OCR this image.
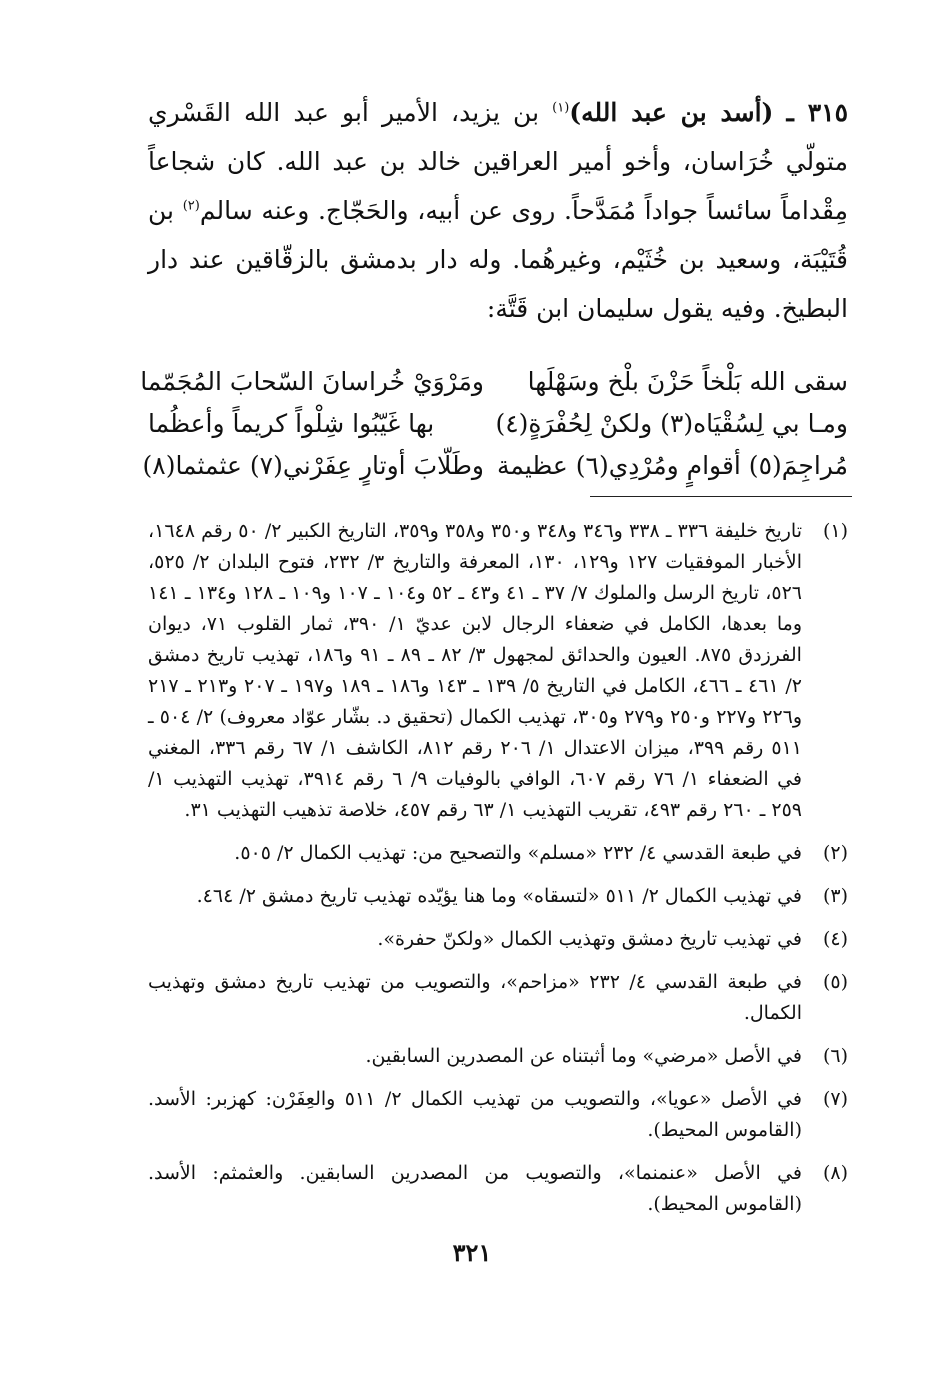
٣١٥ ـ (أسد بن عبد الله)$^{(١)}$ بن يزيد، الأمير أبو عبد الله القَسْري متولّي خُرَاسان، وأخو أمير العراقين خالد بن عبد الله. كان شجاعاً مِقْداماً سائساً جواداً مُمَدَّحاً. روى عن أبيه، والحَجّاج. وعنه سالم$^{(٢)}$ بن قُتَيْبَة، وسعيد بن خُثَيْم، وغيرهُما. وله دار بدمشق بالزقّاقين عند دار البطيخ. وفيه يقول سليمان ابن قَتَّة:
سقى الله بَلْخاً حَزْنَ بلْخ وسَهْلَها
ومَرْوَيْ خُراسانَ السّحابَ المُجَمّما
ومـا بي لِسُقْيَاه(٣) ولكنْ لِحُفْرَةٍ(٤)
بها غَيّبُوا شِلْواً كريماً وأعظُما
مُراجِمَ(٥) أقوامٍ ومُرْدِي(٦) عظيمة
وطَلّابَ أوتارٍ عِفَرْني(٧) عثمثما(٨)
(١)
تاريخ خليفة ٣٣٦ ـ ٣٣٨ و٣٤٦ و٣٤٨ و٣٥٠ و٣٥٨ و٣٥٩، التاريخ الكبير ٢/ ٥٠ رقم ١٦٤٨، الأخبار الموفقيات ١٢٧ و١٢٩، ١٣٠، المعرفة والتاريخ ٣/ ٢٣٢، فتوح البلدان ٢/ ٥٢٥، ٥٢٦، تاريخ الرسل والملوك ٧/ ٣٧ ـ ٤١ و٤٣ ـ ٥٢ و١٠٤ ـ ١٠٧ و١٠٩ ـ ١٢٨ و١٣٤ ـ ١٤١ وما بعدها، الكامل في ضعفاء الرجال لابن عديّ ١/ ٣٩٠، ثمار القلوب ٧١، ديوان الفرزدق ٨٧٥. العيون والحدائق لمجهول ٣/ ٨٢ ـ ٨٩ ـ ٩١ و١٨٦، تهذيب تاريخ دمشق ٢/ ٤٦١ ـ ٤٦٦، الكامل في التاريخ ٥/ ١٣٩ ـ ١٤٣ و١٨٦ ـ ١٨٩ و١٩٧ ـ ٢٠٧ و٢١٣ ـ ٢١٧ و٢٢٦ و٢٢٧ و٢٥٠ و٢٧٩ و٣٠٥، تهذيب الكمال (تحقيق د. بشّار عوّاد معروف) ٢/ ٥٠٤ ـ ٥١١ رقم ٣٩٩، ميزان الاعتدال ١/ ٢٠٦ رقم ٨١٢، الكاشف ١/ ٦٧ رقم ٣٣٦، المغني في الضعفاء ١/ ٧٦ رقم ٦٠٧، الوافي بالوفيات ٩/ ٦ رقم ٣٩١٤، تهذيب التهذيب ١/ ٢٥٩ ـ ٢٦٠ رقم ٤٩٣، تقريب التهذيب ١/ ٦٣ رقم ٤٥٧، خلاصة تذهيب التهذيب ٣١.
(٢)
في طبعة القدسي ٤/ ٢٣٢ «مسلم» والتصحيح من: تهذيب الكمال ٢/ ٥٠٥.
(٣)
في تهذيب الكمال ٢/ ٥١١ «لتسقاه» وما هنا يؤيّده تهذيب تاريخ دمشق ٢/ ٤٦٤.
(٤)
في تهذيب تاريخ دمشق وتهذيب الكمال «ولكنّ حفرة».
(٥)
في طبعة القدسي ٤/ ٢٣٢ «مزاحم»، والتصويب من تهذيب تاريخ دمشق وتهذيب الكمال.
(٦)
في الأصل «مرضي» وما أثبتناه عن المصدرين السابقين.
(٧)
في الأصل «عويا»، والتصويب من تهذيب الكمال ٢/ ٥١١ والعِفَرْن: كهزبر: الأسد. (القاموس المحيط).
(٨)
في الأصل «عنمنما»، والتصويب من المصدرين السابقين. والعثمثم: الأسد. (القاموس المحيط).
٣٢١
